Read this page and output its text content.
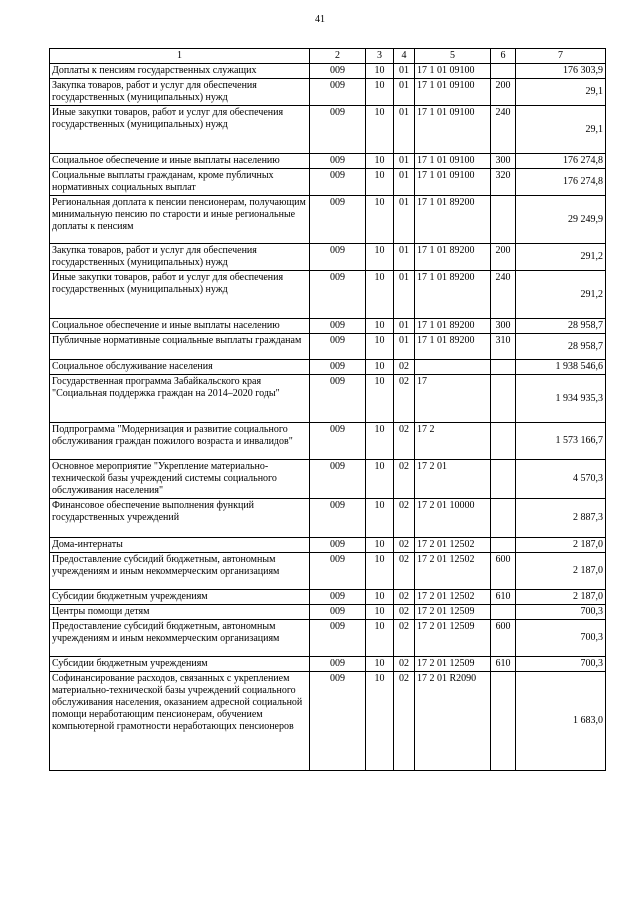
41
1	2	3	4	5	6	7
Доплаты к пенсиям государственных служащих	009	10	01	17 1 01 09100		176 303,9
Закупка товаров, работ и услуг для обеспечения государственных (муниципальных) нужд	009	10	01	17 1 01 09100	200	29,1
Иные закупки товаров, работ и услуг для обеспечения государственных (муниципальных) нужд	009	10	01	17 1 01 09100	240	29,1
Социальное обеспечение и иные выплаты населению	009	10	01	17 1 01 09100	300	176 274,8
Социальные выплаты гражданам, кроме публичных нормативных социальных выплат	009	10	01	17 1 01 09100	320	176 274,8
Региональная доплата к пенсии пенсионерам, получающим минимальную пенсию по старости и иные региональные доплаты к пенсиям	009	10	01	17 1 01 89200		29 249,9
Закупка товаров, работ и услуг для обеспечения государственных (муниципальных) нужд	009	10	01	17 1 01 89200	200	291,2
Иные закупки товаров, работ и услуг для обеспечения государственных (муниципальных) нужд	009	10	01	17 1 01 89200	240	291,2
Социальное обеспечение и иные выплаты населению	009	10	01	17 1 01 89200	300	28 958,7
Публичные нормативные социальные выплаты гражданам	009	10	01	17 1 01 89200	310	28 958,7
Социальное обслуживание населения	009	10	02			1 938 546,6
Государственная программа Забайкальского края "Социальная поддержка граждан на 2014–2020 годы"	009	10	02	17		1 934 935,3
Подпрограмма "Модернизация и развитие социального обслуживания граждан пожилого возраста и инвалидов"	009	10	02	17 2		1 573 166,7
Основное мероприятие "Укрепление материально-технической базы учреждений системы социального обслуживания населения"	009	10	02	17 2 01		4 570,3
Финансовое обеспечение выполнения функций государственных учреждений	009	10	02	17 2 01 10000		2 887,3
Дома-интернаты	009	10	02	17 2 01 12502		2 187,0
Предоставление субсидий бюджетным, автономным учреждениям и иным некоммерческим организациям	009	10	02	17 2 01 12502	600	2 187,0
Субсидии бюджетным учреждениям	009	10	02	17 2 01 12502	610	2 187,0
Центры помощи детям	009	10	02	17 2 01 12509		700,3
Предоставление субсидий бюджетным, автономным учреждениям и иным некоммерческим организациям	009	10	02	17 2 01 12509	600	700,3
Субсидии бюджетным учреждениям	009	10	02	17 2 01 12509	610	700,3
Софинансирование расходов, связанных с укреплением материально-технической базы учреждений социального обслуживания населения, оказанием адресной социальной помощи неработающим пенсионерам, обучением компьютерной грамотности неработающих пенсионеров	009	10	02	17 2 01 R2090		1 683,0
